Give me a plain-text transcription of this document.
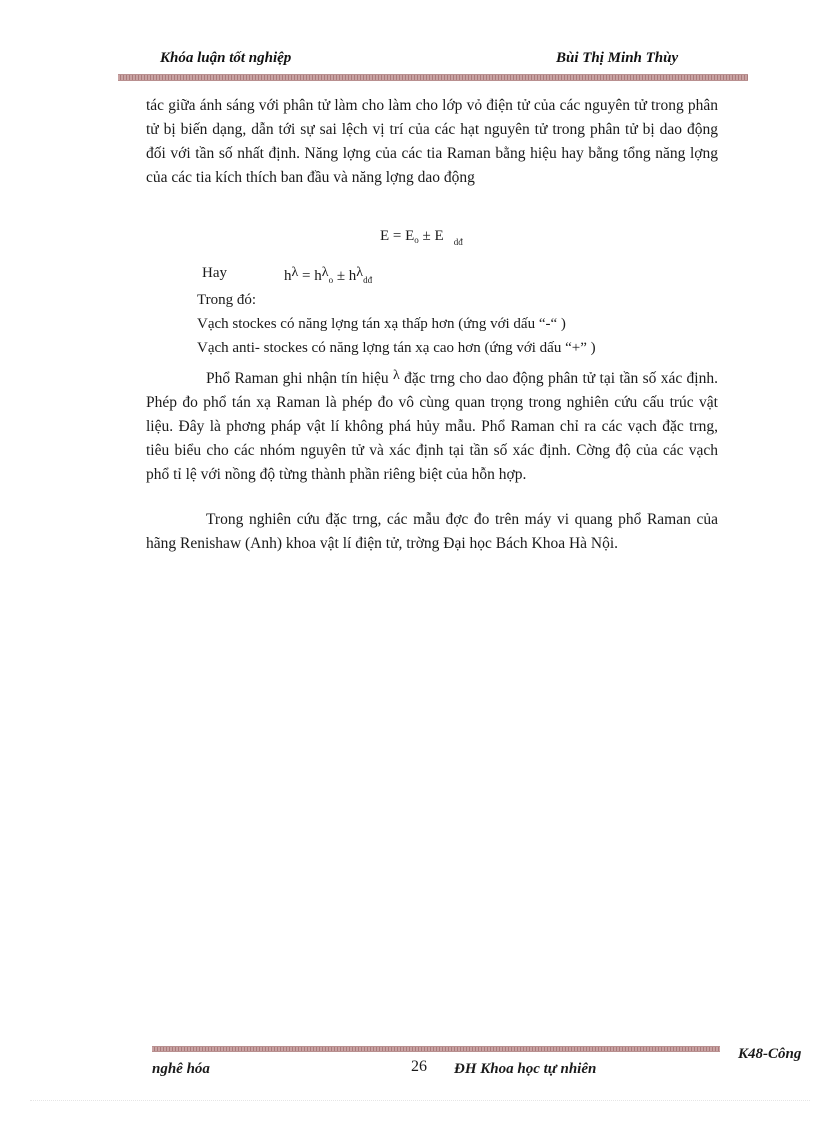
Khóa luận tốt nghiệp	Bùi Thị Minh Thùy
tác giữa ánh sáng với phân tử làm cho làm cho lớp vỏ điện tử của các nguyên tử trong phân tử bị biến dạng, dẫn tới sự sai lệch vị trí của các hạt nguyên tử trong phân tử bị dao động đối với tần số nhất định. Năng lợng của các tia Raman bằng hiệu hay bằng tổng năng lợng của các tia kích thích ban đầu và năng lợng dao động
$E = E_o \pm E$ $_{dđ}$
Hay	$h\lambda = h\lambda_o \pm h\lambda_{dđ}$
Trong đó:
Vạch stockes có năng lợng tán xạ thấp hơn (ứng với dấu “-“ )
Vạch anti- stockes có năng lợng tán xạ cao hơn (ứng với dấu “+” )
Phổ Raman ghi nhận tín hiệu λ đặc trng cho dao động phân tử tại tần số xác định. Phép đo phổ tán xạ Raman là phép đo vô cùng quan trọng trong nghiên cứu cấu trúc vật liệu. Đây là phơng pháp vật lí không phá hủy mẫu. Phổ Raman chỉ ra các vạch đặc trng, tiêu biểu cho các nhóm nguyên tử và xác định tại tần số xác định. Cờng độ của các vạch phổ tỉ lệ với nồng độ từng thành phần riêng biệt của hỗn hợp.
Trong nghiên cứu đặc trng, các mẫu đợc đo trên máy vi quang phổ Raman của hãng Renishaw (Anh) khoa vật lí điện tử, trờng Đại học Bách Khoa Hà Nội.
K48-Công
nghê hóa	26 ĐH Khoa học tự nhiên
